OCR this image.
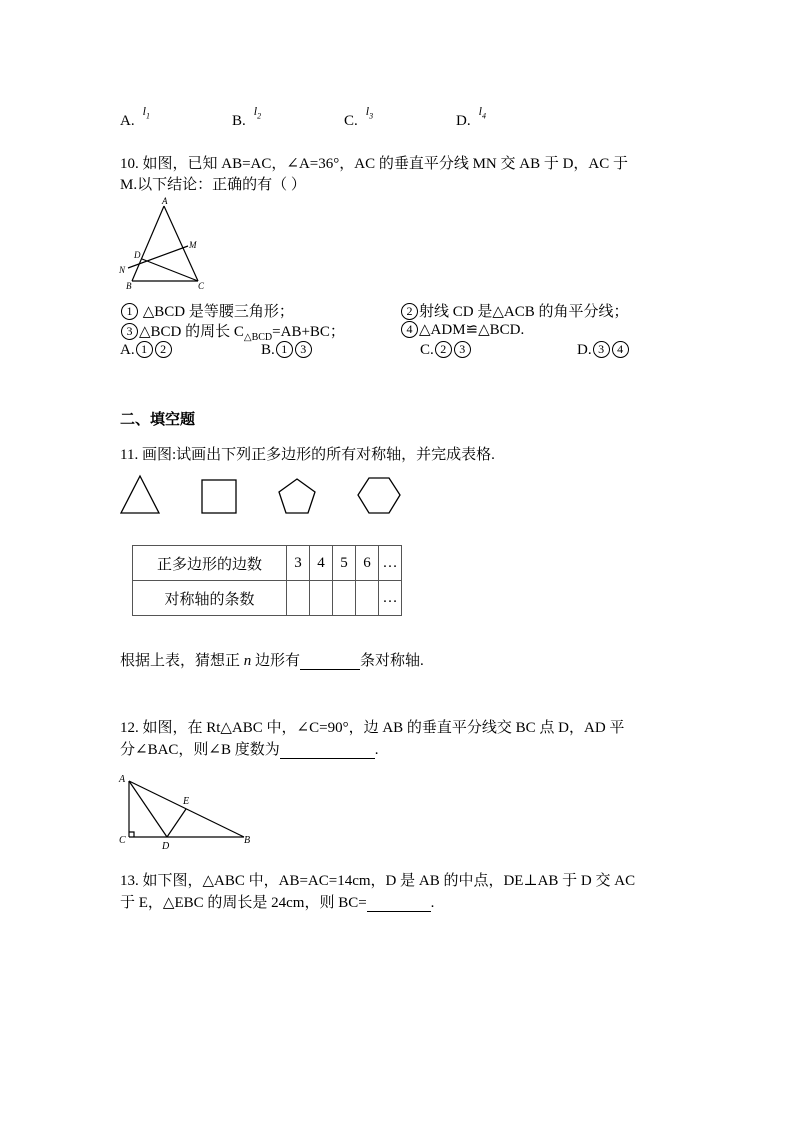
A.$^{l_1}$	B.$^{l_2}$	C.$^{l_3}$	D.$^{l_4}$
10. 如图，已知 AB=AC，∠A=36°，AC 的垂直平分线 MN 交 AB 于 D，AC 于
M.以下结论：正确的有（ ）
A
B	C
D
M
N
1 △BCD 是等腰三角形；	2 射线 CD 是△ACB 的角平分线；
3 △BCD 的周长 $C_{\triangle BCD}=AB+BC$；	4 △ADM≌△BCD.
A. 1 2	B. 1 3	C. 2 3	D. 3 4
二、填空题
11. 画图:试画出下列正多边形的所有对称轴，并完成表格.
正多边形的边数	3	4	5	6	…
对称轴的条数					…
根据上表，猜想正 n 边形有	条对称轴.
12. 如图，在 Rt△ABC 中，∠C=90°，边 AB 的垂直平分线交 BC 点 D，AD 平
分∠BAC，则∠B 度数为	.
A
C
D
E
B
13. 如下图，△ABC 中，AB=AC=14cm，D 是 AB 的中点，DE⊥AB 于 D 交 AC
于 E，△EBC 的周长是 24cm，则 BC=	.
